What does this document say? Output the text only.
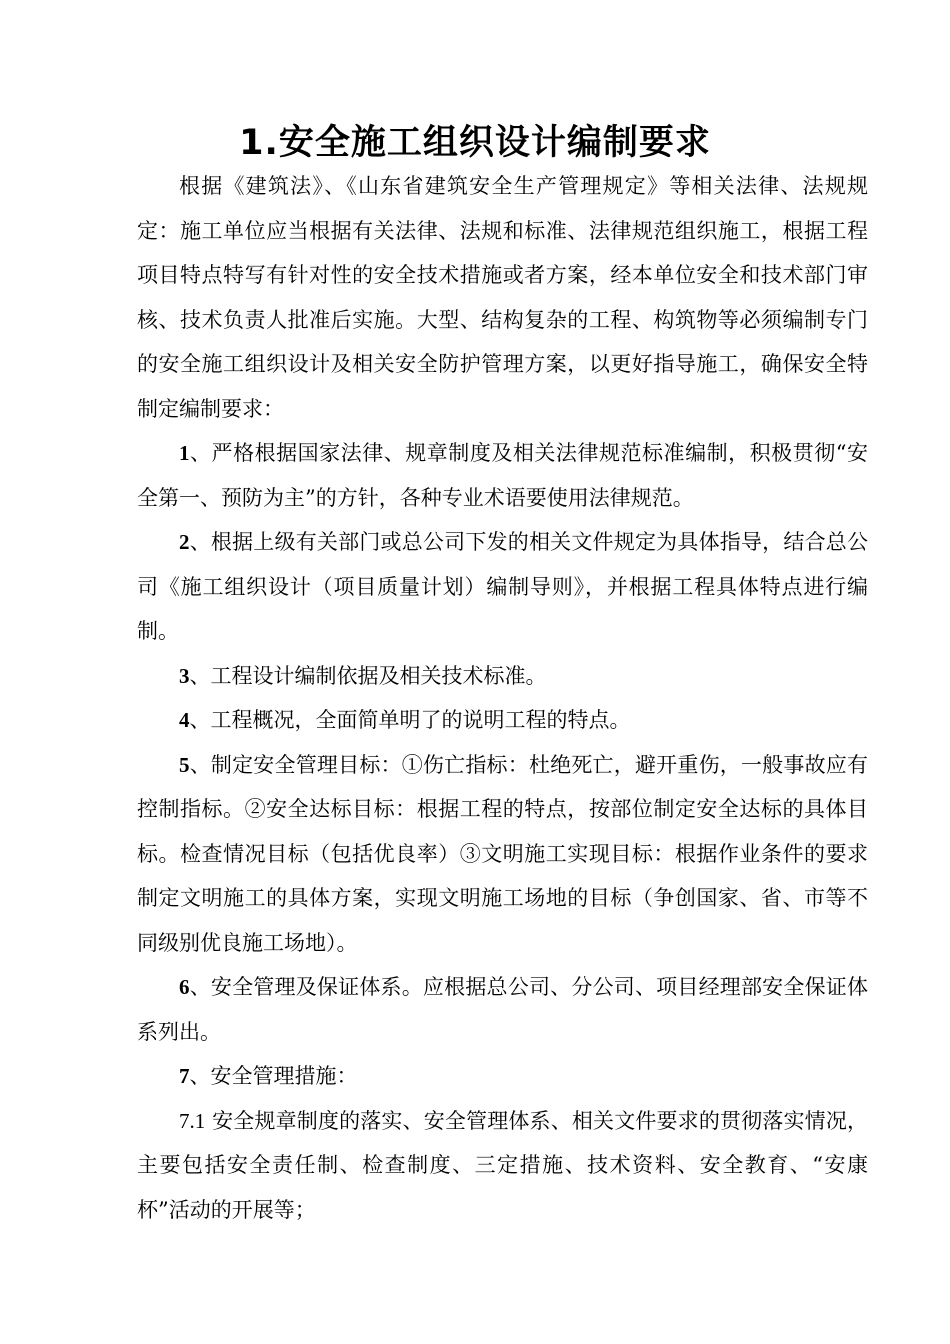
1.安全施工组织设计编制要求

根据《建筑法》、《山东省建筑安全生产管理规定》等相关法律、法规规定：施工单位应当根据有关法律、法规和标准、法律规范组织施工，根据工程项目特点特写有针对性的安全技术措施或者方案，经本单位安全和技术部门审核、技术负责人批准后实施。大型、结构复杂的工程、构筑物等必须编制专门的安全施工组织设计及相关安全防护管理方案，以更好指导施工，确保安全特制定编制要求：

1、严格根据国家法律、规章制度及相关法律规范标准编制，积极贯彻“安全第一、预防为主”的方针，各种专业术语要使用法律规范。

2、根据上级有关部门或总公司下发的相关文件规定为具体指导，结合总公司《施工组织设计（项目质量计划）编制导则》，并根据工程具体特点进行编制。

3、工程设计编制依据及相关技术标准。

4、工程概况，全面简单明了的说明工程的特点。

5、制定安全管理目标：①伤亡指标：杜绝死亡，避开重伤，一般事故应有控制指标。②安全达标目标：根据工程的特点，按部位制定安全达标的具体目标。检查情况目标（包括优良率）③文明施工实现目标：根据作业条件的要求制定文明施工的具体方案，实现文明施工场地的目标（争创国家、省、市等不同级别优良施工场地）。

6、安全管理及保证体系。应根据总公司、分公司、项目经理部安全保证体系列出。

7、安全管理措施：

7.1 安全规章制度的落实、安全管理体系、相关文件要求的贯彻落实情况，主要包括安全责任制、检查制度、三定措施、技术资料、安全教育、“安康杯”活动的开展等；
